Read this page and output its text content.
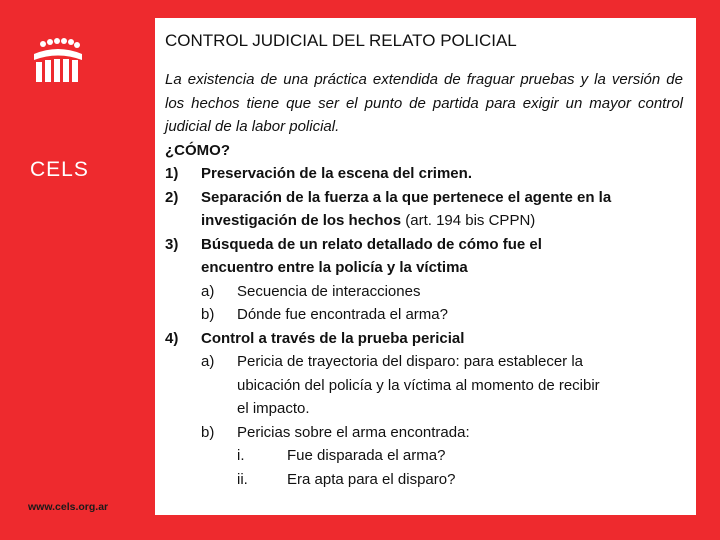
CELS
www.cels.org.ar
CONTROL JUDICIAL DEL RELATO POLICIAL
La existencia de una práctica extendida de fraguar pruebas y la versión de los hechos tiene que ser el punto de partida para exigir un mayor control judicial de la labor policial.
¿CÓMO?
1) Preservación de la escena del crimen.
2) Separación de la fuerza a la que pertenece el agente en la
investigación de los hechos (art. 194 bis CPPN)
3) Búsqueda de un relato detallado de cómo fue el
encuentro entre la policía y la víctima
a) Secuencia de interacciones
b) Dónde fue encontrada el arma?
4) Control a través de la prueba pericial
a) Pericia de trayectoria del disparo: para establecer la
ubicación del policía y la víctima al momento de recibir
el impacto.
b) Pericias sobre el arma encontrada:
i.	Fue disparada el arma?
ii.	Era apta para el disparo?
